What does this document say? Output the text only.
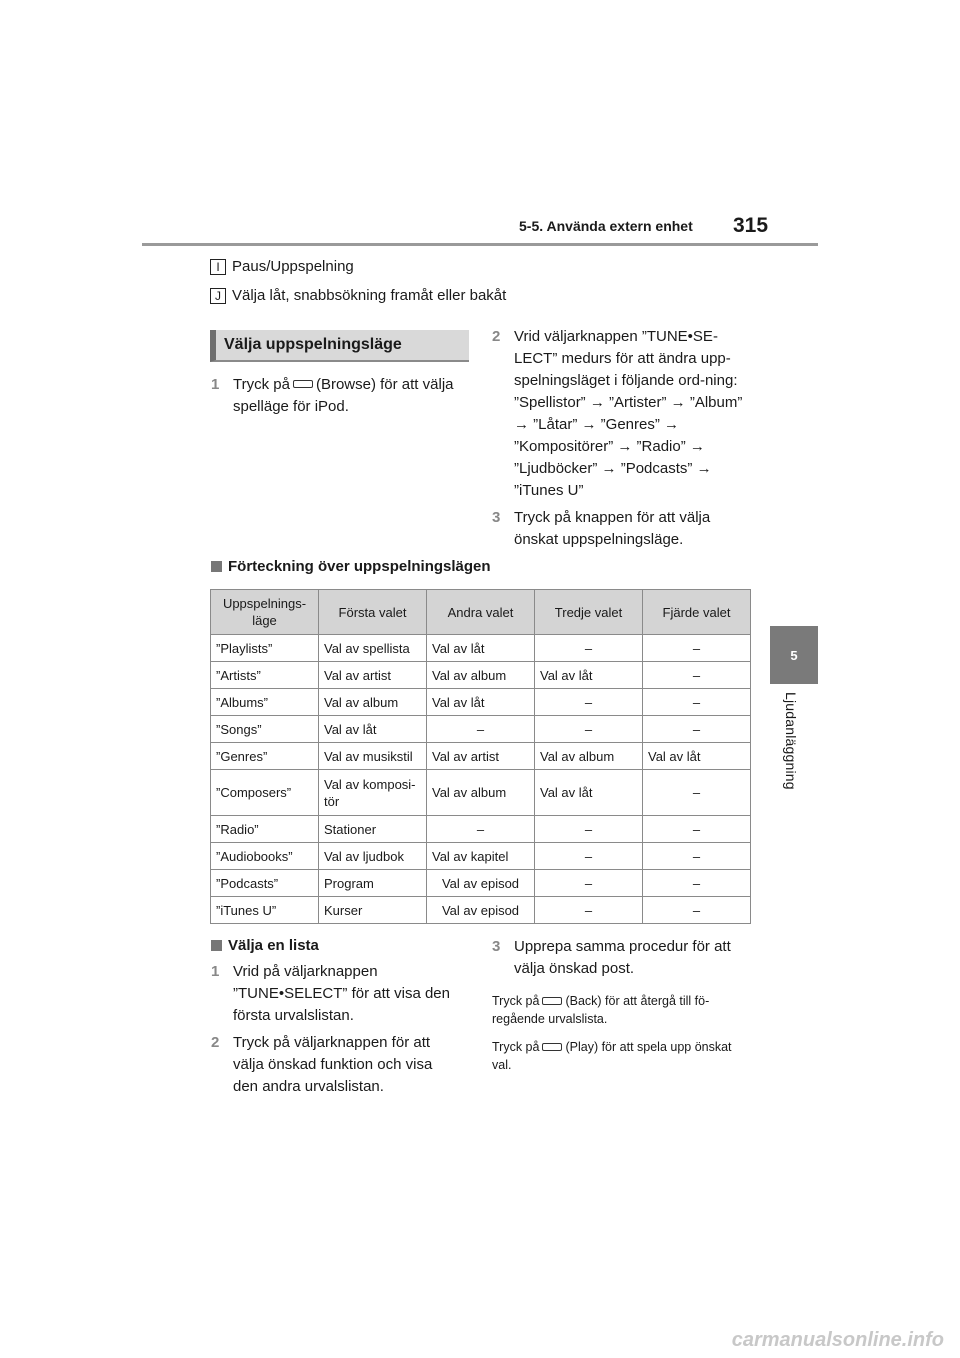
5-5. Använda extern enhet 315
5
Ljudanläggning
I Paus/Uppspelning
J Välja låt, snabbsökning framåt eller bakåt
Välja uppspelningsläge
1 Tryck på (Browse) för att välja spelläge för iPod.
2 Vrid väljarknappen ”TUNE•SE-LECT” medurs för att ändra upp-spelningsläget i följande ord-ning: ”Spellistor” → ”Artister” → ”Album” → ”Låtar” → ”Genres” → ”Kompositörer” → ”Radio” → ”Ljudböcker” → ”Podcasts” → ”iTunes U”
3 Tryck på knappen för att välja önskat uppspelningsläge.
Förteckning över uppspelningslägen
Uppspelnings-läge	Första valet	Andra valet	Tredje valet	Fjärde valet
”Playlists”	Val av spellista	Val av låt	–	–
”Artists”	Val av artist	Val av album	Val av låt	–
”Albums”	Val av album	Val av låt	–	–
”Songs”	Val av låt	–	–	–
”Genres”	Val av musikstil	Val av artist	Val av album	Val av låt
”Composers”	Val av komposi-tör	Val av album	Val av låt	–
”Radio”	Stationer	–	–	–
”Audiobooks”	Val av ljudbok	Val av kapitel	–	–
”Podcasts”	Program	Val av episod	–	–
”iTunes U”	Kurser	Val av episod	–	–
Välja en lista
1 Vrid på väljarknappen ”TUNE•SELECT” för att visa den första urvalslistan.
2 Tryck på väljarknappen för att välja önskad funktion och visa den andra urvalslistan.
3 Upprepa samma procedur för att välja önskad post.
Tryck på (Back) för att återgå till fö-regående urvalslista.
Tryck på (Play) för att spela upp önskat val.
carmanualsonline.info
